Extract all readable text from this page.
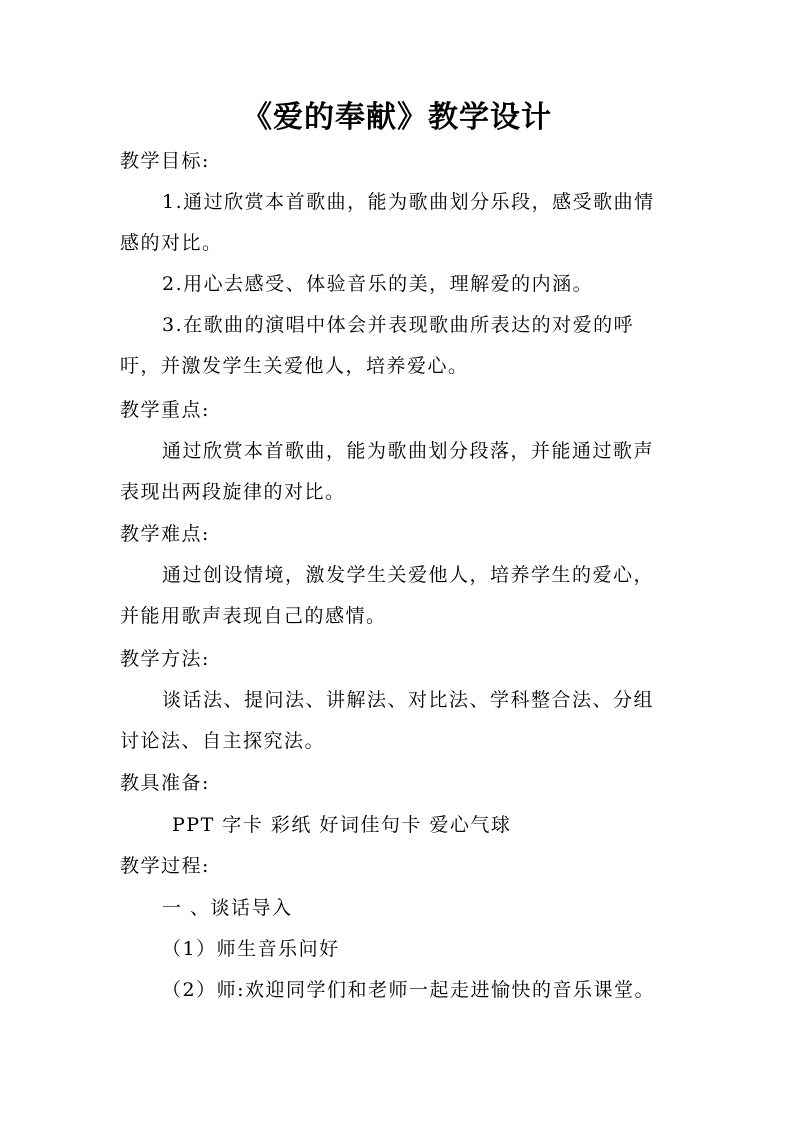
《爱的奉献》教学设计
教学目标:
1.通过欣赏本首歌曲，能为歌曲划分乐段，感受歌曲情
感的对比。
2.用心去感受、体验音乐的美，理解爱的内涵。
3.在歌曲的演唱中体会并表现歌曲所表达的对爱的呼
吁，并激发学生关爱他人，培养爱心。
教学重点:
通过欣赏本首歌曲，能为歌曲划分段落，并能通过歌声
表现出两段旋律的对比。
教学难点:
通过创设情境，激发学生关爱他人，培养学生的爱心，
并能用歌声表现自己的感情。
教学方法:
谈话法、提问法、讲解法、对比法、学科整合法、分组
讨论法、自主探究法。
教具准备:
PPT 字卡 彩纸 好词佳句卡 爱心气球
教学过程:
一 、谈话导入
（1）师生音乐问好
（2）师:欢迎同学们和老师一起走进愉快的音乐课堂。
